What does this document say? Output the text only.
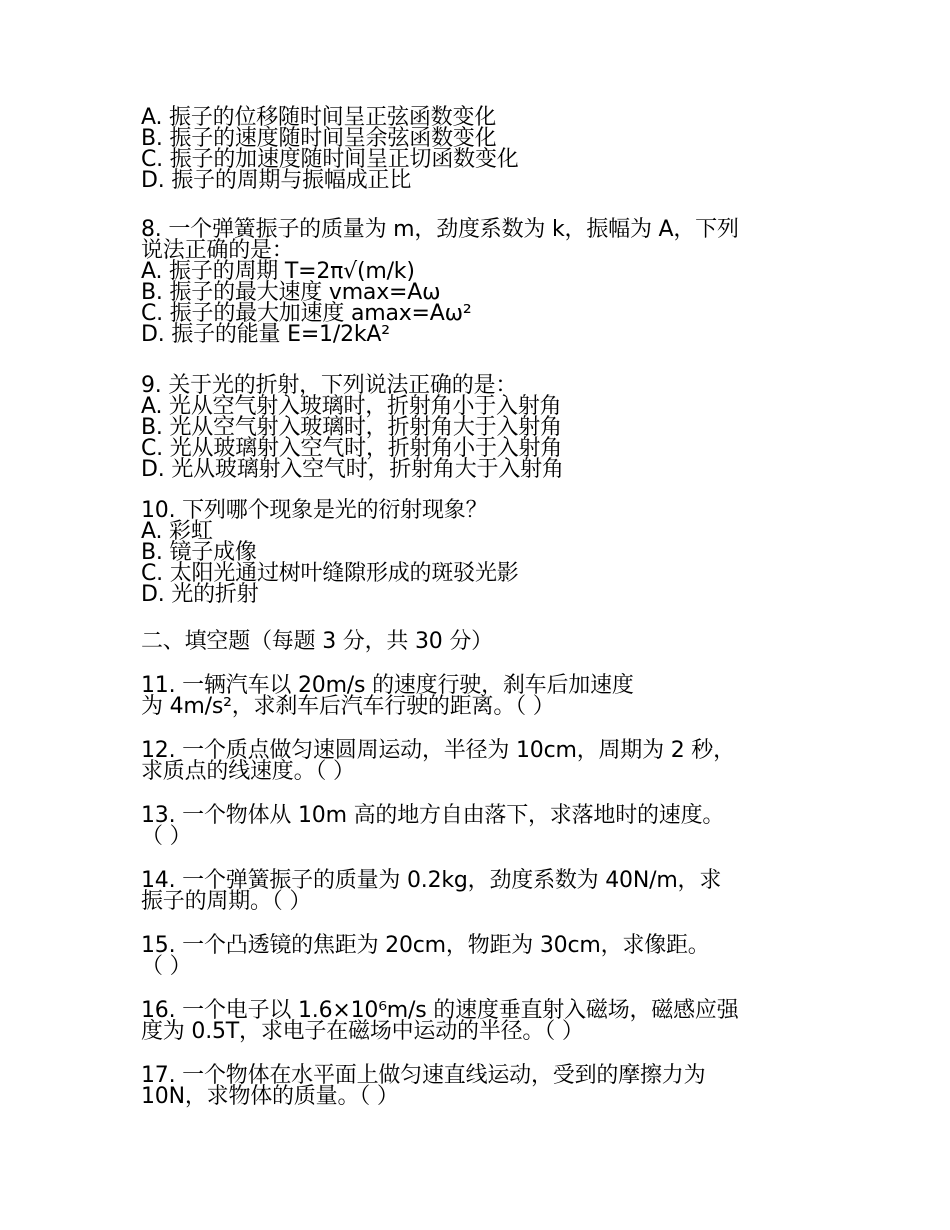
A. 振子的位移随时间呈正弦函数变化
B. 振子的速度随时间呈余弦函数变化
C. 振子的加速度随时间呈正切函数变化
D. 振子的周期与振幅成正比
8. 一个弹簧振子的质量为 m，劲度系数为 k，振幅为 A，下列
说法正确的是：
A. 振子的周期 T=2π√(m/k)
B. 振子的最大速度 vmax=Aω
C. 振子的最大加速度 amax=Aω²
D. 振子的能量 E=1/2kA²
9. 关于光的折射，下列说法正确的是：
A. 光从空气射入玻璃时，折射角小于入射角
B. 光从空气射入玻璃时，折射角大于入射角
C. 光从玻璃射入空气时，折射角小于入射角
D. 光从玻璃射入空气时，折射角大于入射角
10. 下列哪个现象是光的衍射现象？
A. 彩虹
B. 镜子成像
C. 太阳光通过树叶缝隙形成的斑驳光影
D. 光的折射
二、填空题（每题 3 分，共 30 分）
11. 一辆汽车以 20m/s 的速度行驶，刹车后加速度
为 4m/s²，求刹车后汽车行驶的距离。（ ）
12. 一个质点做匀速圆周运动，半径为 10cm，周期为 2 秒，
求质点的线速度。（ ）
13. 一个物体从 10m 高的地方自由落下，求落地时的速度。
（ ）
14. 一个弹簧振子的质量为 0.2kg，劲度系数为 40N/m，求
振子的周期。（ ）
15. 一个凸透镜的焦距为 20cm，物距为 30cm，求像距。
（ ）
16. 一个电子以 1.6×10⁶m/s 的速度垂直射入磁场，磁感应强
度为 0.5T，求电子在磁场中运动的半径。（ ）
17. 一个物体在水平面上做匀速直线运动，受到的摩擦力为
10N，求物体的质量。（ ）
